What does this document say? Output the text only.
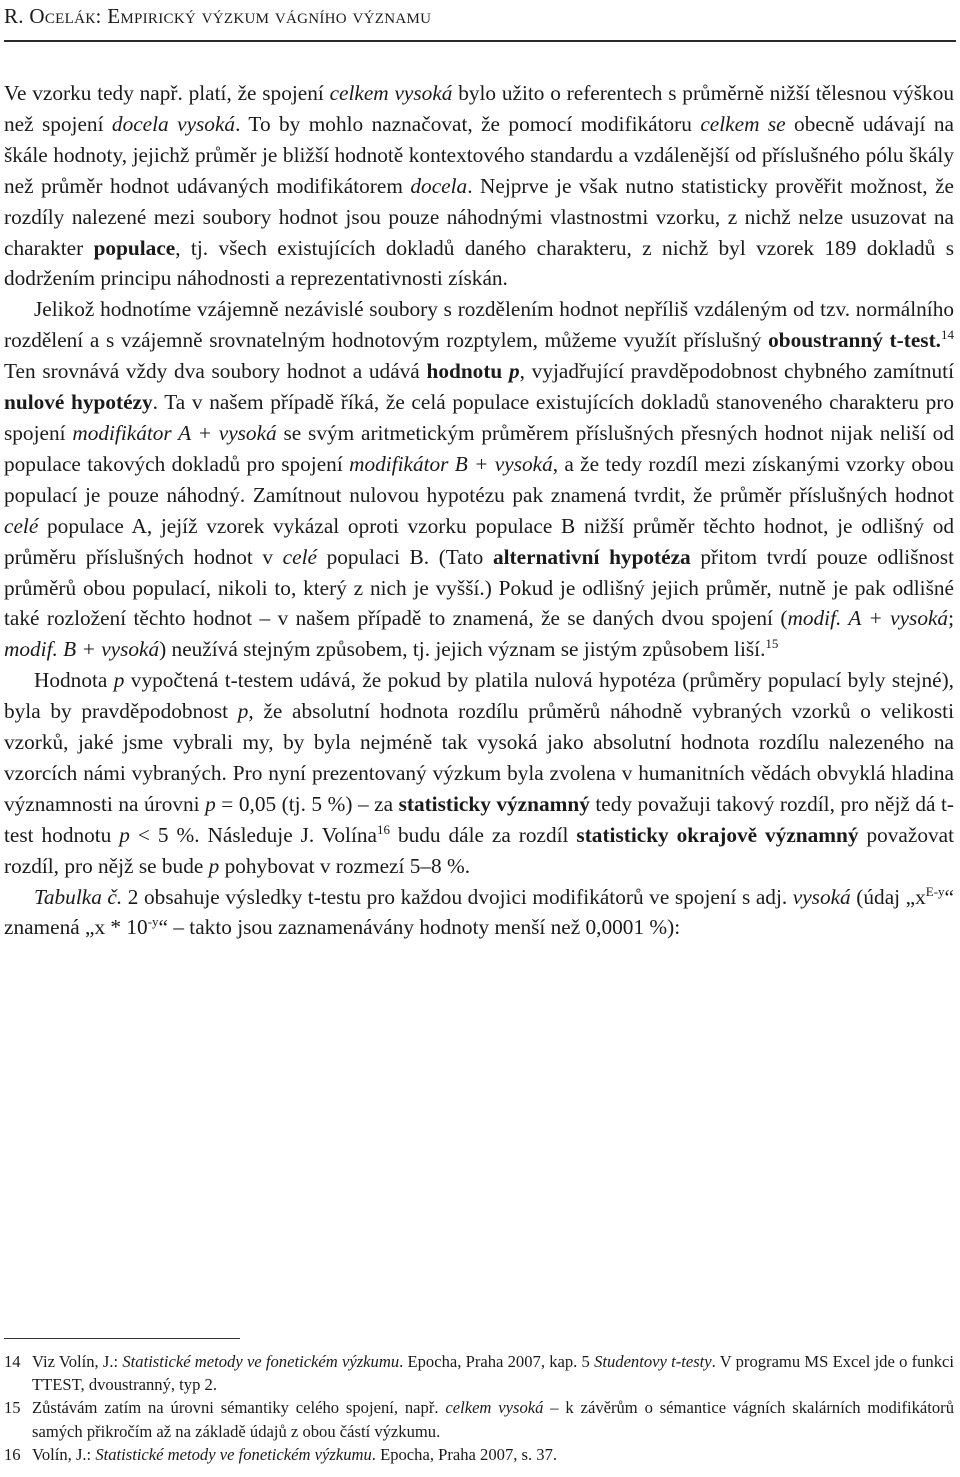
R. Oceláк: Empirický výzkum vágního významu

Ve vzorku tedy např. platí, že spojení celkem vysoká bylo užito o referentech s průměrně nižší tělesnou výškou než spojení docela vysoká. To by mohlo naznačovat, že pomocí modifikátoru celkem se obecně udávají na škále hodnoty, jejichž průměr je bližší hodnotě kontextového standardu a vzdálenější od příslušného pólu škály než průměr hodnot udávaných modifikátorem docela. Nejprve je však nutno statisticky prověřit možnost, že rozdíly nalezené mezi soubory hodnot jsou pouze náhodnými vlastnostmi vzorku, z nichž nelze usuzovat na charakter populace, tj. všech existujících dokladů daného charakteru, z nichž byl vzorek 189 dokladů s dodržením principu náhodnosti a reprezentativnosti získán.

Jelikož hodnotíme vzájemně nezávislé soubory s rozdělením hodnot nepříliš vzdáleným od tzv. normálního rozdělení a s vzájemně srovnatelným hodnotovým rozptylem, můžeme využít příslušný oboustranný t-test.$^{14}$ Ten srovnává vždy dva soubory hodnot a udává hodnotu p, vyjadřující pravděpodobnost chybného zamítnutí nulové hypotézy. Ta v našem případě říká, že celá populace existujících dokladů stanoveného charakteru pro spojení modifikátor A + vysoká se svým aritmetickým průměrem příslušných přesných hodnot nijak neliší od populace takových dokladů pro spojení modifikátor B + vysoká, a že tedy rozdíl mezi získanými vzorky obou populací je pouze náhodný. Zamítnout nulovou hypotézu pak znamená tvrdit, že průměr příslušných hodnot celé populace A, jejíž vzorek vykázal oproti vzorku populace B nižší průměr těchto hodnot, je odlišný od průměru příslušných hodnot v celé populaci B. (Tato alternativní hypotéza přitom tvrdí pouze odlišnost průměrů obou populací, nikoli to, který z nich je vyšší.) Pokud je odlišný jejich průměr, nutně je pak odlišné také rozložení těchto hodnot – v našem případě to znamená, že se daných dvou spojení (modif. A + vysoká; modif. B + vysoká) neužívá stejným způsobem, tj. jejich význam se jistým způsobem liší.$^{15}$

Hodnota p vypočtená t-testem udává, že pokud by platila nulová hypotéza (průměry populací byly stejné), byla by pravděpodobnost p, že absolutní hodnota rozdílu průměrů náhodně vybraných vzorků o velikosti vzorků, jaké jsme vybrali my, by byla nejméně tak vysoká jako absolutní hodnota rozdílu nalezeného na vzorcích námi vybraných. Pro nyní prezentovaný výzkum byla zvolena v humanitních vědách obvyklá hladina významnosti na úrovni p = 0,05 (tj. 5 %) – za statisticky významný tedy považuji takový rozdíl, pro nějž dá t-test hodnotu p < 5 %. Následuje J. Volína$^{16}$ budu dále za rozdíl statisticky okrajově významný považovat rozdíl, pro nějž se bude p pohybovat v rozmezí 5–8 %.

Tabulka č. 2 obsahuje výsledky t-testu pro každou dvojici modifikátorů ve spojení s adj. vysoká (údaj $„x^{E-y}“$ znamená „x * $10^{-y}“$ – takto jsou zaznamenávány hodnoty menší než 0,0001 %):

14 Viz Volín, J.: Statistické metody ve fonetickém výzkumu. Epocha, Praha 2007, kap. 5 Studentovy t-testy. V programu MS Excel jde o funkci TTEST, dvoustranný, typ 2.
15 Zůstávám zatím na úrovni sémantiky celého spojení, např. celkem vysoká – k závěrům o sémantice vágních skalárních modifikátorů samých přikročím až na základě údajů z obou částí výzkumu.
16 Volín, J.: Statistické metody ve fonetickém výzkumu. Epocha, Praha 2007, s. 37.
